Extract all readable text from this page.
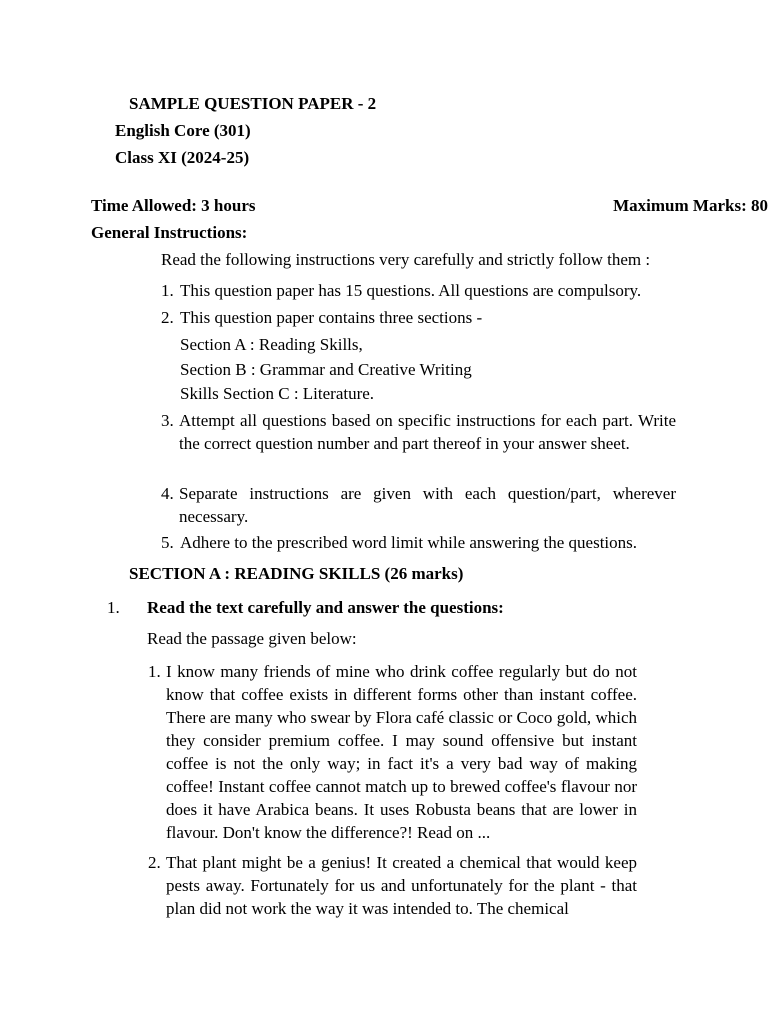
SAMPLE QUESTION PAPER - 2
English Core (301)
Class XI (2024-25)
Time Allowed: 3 hours	Maximum Marks: 80
General Instructions:
Read the following instructions very carefully and strictly follow them :
1. This question paper has 15 questions. All questions are compulsory.
2. This question paper contains three sections -
Section A : Reading Skills,
Section B : Grammar and Creative Writing
Skills Section C : Literature.
3. Attempt all questions based on specific instructions for each part. Write the correct question number and part thereof in your answer sheet.
4. Separate instructions are given with each question/part, wherever necessary.
5. Adhere to the prescribed word limit while answering the questions.
SECTION A : READING SKILLS (26 marks)
1. Read the text carefully and answer the questions:
Read the passage given below:
1. I know many friends of mine who drink coffee regularly but do not know that coffee exists in different forms other than instant coffee. There are many who swear by Flora café classic or Coco gold, which they consider premium coffee. I may sound offensive but instant coffee is not the only way; in fact it's a very bad way of making coffee! Instant coffee cannot match up to brewed coffee's flavour nor does it have Arabica beans. It uses Robusta beans that are lower in flavour. Don't know the difference?! Read on ...
2. That plant might be a genius! It created a chemical that would keep pests away. Fortunately for us and unfortunately for the plant - that plan did not work the way it was intended to. The chemical
